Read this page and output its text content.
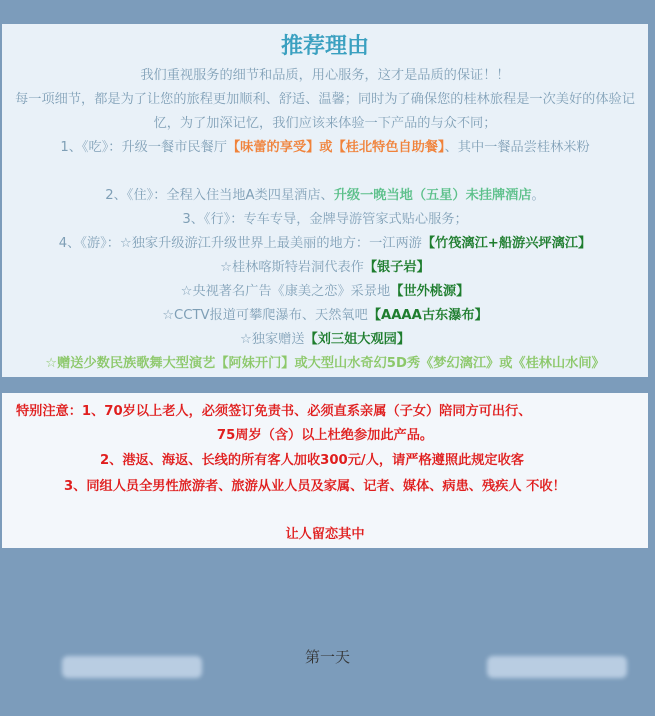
推荐理由
我们重视服务的细节和品质，用心服务，这才是品质的保证！！
每一项细节，都是为了让您的旅程更加顺利、舒适、温馨；同时为了确保您的桂林旅程是一次美好的体验记忆，为了加深记忆，我们应该来体验一下产品的与众不同；
1、《吃》：升级一餐市民餐厅【味蕾的享受】或【桂北特色自助餐】、其中一餐品尝桂林米粉
2、《住》：全程入住当地A类四星酒店、升级一晚当地（五星）未挂牌酒店。
3、《行》：专车专导，金牌导游管家式贴心服务；
4、《游》：☆独家升级游江升级世界上最美丽的地方：一江两游【竹筏漓江+船游兴坪漓江】
☆桂林喀斯特岩洞代表作【银子岩】
☆央视著名广告《康美之恋》采景地【世外桃源】
☆CCTV报道可攀爬瀑布、天然氧吧【AAAA古东瀑布】
☆独家赠送【刘三姐大观园】
☆赠送少数民族歌舞大型演艺【阿妹开门】或大型山水奇幻5D秀《梦幻漓江》或《桂林山水间》
特别注意：1、70岁以上老人，必须签订免责书、必须直系亲属（子女）陪同方可出行、
75周岁（含）以上杜绝参加此产品。
2、港返、海返、长线的所有客人加收300元/人，请严格遵照此规定收客
3、同组人员全男性旅游者、旅游从业人员及家属、记者、媒体、病患、残疾人 不收！
让人留恋其中
第一天
